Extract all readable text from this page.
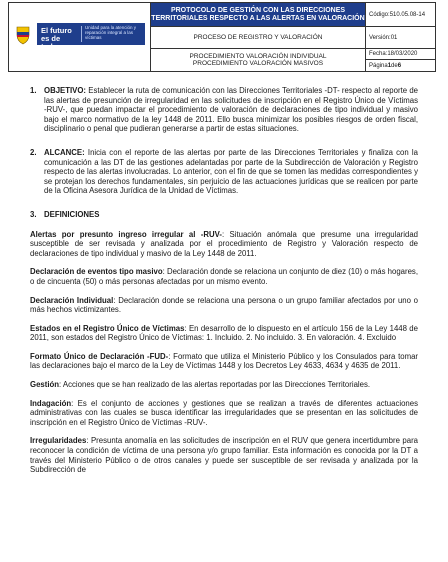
El futuro es de todos
Unidad para la atención y reparación integral a las víctimas
PROTOCOLO DE GESTIÓN CON LAS DIRECCIONES TERRITORIALES RESPECTO A LAS ALERTAS EN VALORACIÓN
PROCESO DE REGISTRO Y VALORACIÓN
PROCEDIMIENTO VALORACIÓN INDIVIDUAL
PROCEDIMIENTO VALORACIÓN MASIVOS
Código: 510.05.08-14
Versión: 01
Fecha: 18/03/2020
Página 1 de 6
1. OBJETIVO: Establecer la ruta de comunicación con las Direcciones Territoriales -DT- respecto al reporte de las alertas de presunción de irregularidad en las solicitudes de inscripción en el Registro Único de Víctimas -RUV-, que puedan impactar el procedimiento de valoración de declaraciones de tipo individual y masivo bajo el marco normativo de la ley 1448 de 2011. Ello busca minimizar los posibles riesgos de orden fiscal, disciplinario o penal que pudieran generarse a partir de estas situaciones.
2. ALCANCE: Inicia con el reporte de las alertas por parte de las Direcciones Territoriales y finaliza con la comunicación a las DT de las gestiones adelantadas por parte de la Subdirección de Valoración y Registro respecto de las alertas involucradas. Lo anterior, con el fin de que se tomen las medidas correspondientes y se protejan los derechos fundamentales, sin perjuicio de las actuaciones jurídicas que se realicen por parte de la Oficina Asesora Jurídica de la Unidad de Víctimas.
3. DEFINICIONES
Alertas por presunto ingreso irregular al -RUV-: Situación anómala que presume una irregularidad susceptible de ser revisada y analizada por el procedimiento de Registro y Valoración respecto de declaraciones de tipo individual y masivo de la Ley 1448 de 2011.
Declaración de eventos tipo masivo: Declaración donde se relaciona un conjunto de diez (10) o más hogares, o de cincuenta (50) o más personas afectadas por un mismo evento.
Declaración Individual: Declaración donde se relaciona una persona o un grupo familiar afectados por uno o más hechos victimizantes.
Estados en el Registro Único de Víctimas: En desarrollo de lo dispuesto en el artículo 156 de la Ley 1448 de 2011, son estados del Registro Único de Víctimas: 1. Incluido. 2. No incluido. 3. En valoración. 4. Excluido
Formato Único de Declaración -FUD-: Formato que utiliza el Ministerio Público y los Consulados para tomar las declaraciones bajo el marco de la Ley de Víctimas 1448 y los Decretos Ley 4633, 4634 y 4635 de 2011.
Gestión: Acciones que se han realizado de las alertas reportadas por las Direcciones Territoriales.
Indagación: Es el conjunto de acciones y gestiones que se realizan a través de diferentes actuaciones administrativas con las cuales se busca identificar las irregularidades que se presentan en las solicitudes de inscripción en el Registro Único de Víctimas -RUV-.
Irregularidades: Presunta anomalía en las solicitudes de inscripción en el RUV que genera incertidumbre para reconocer la condición de víctima de una persona y/o grupo familiar. Esta información es conocida por la DT a través del Ministerio Público o de otros canales y puede ser susceptible de ser revisada y analizada por la Subdirección de
